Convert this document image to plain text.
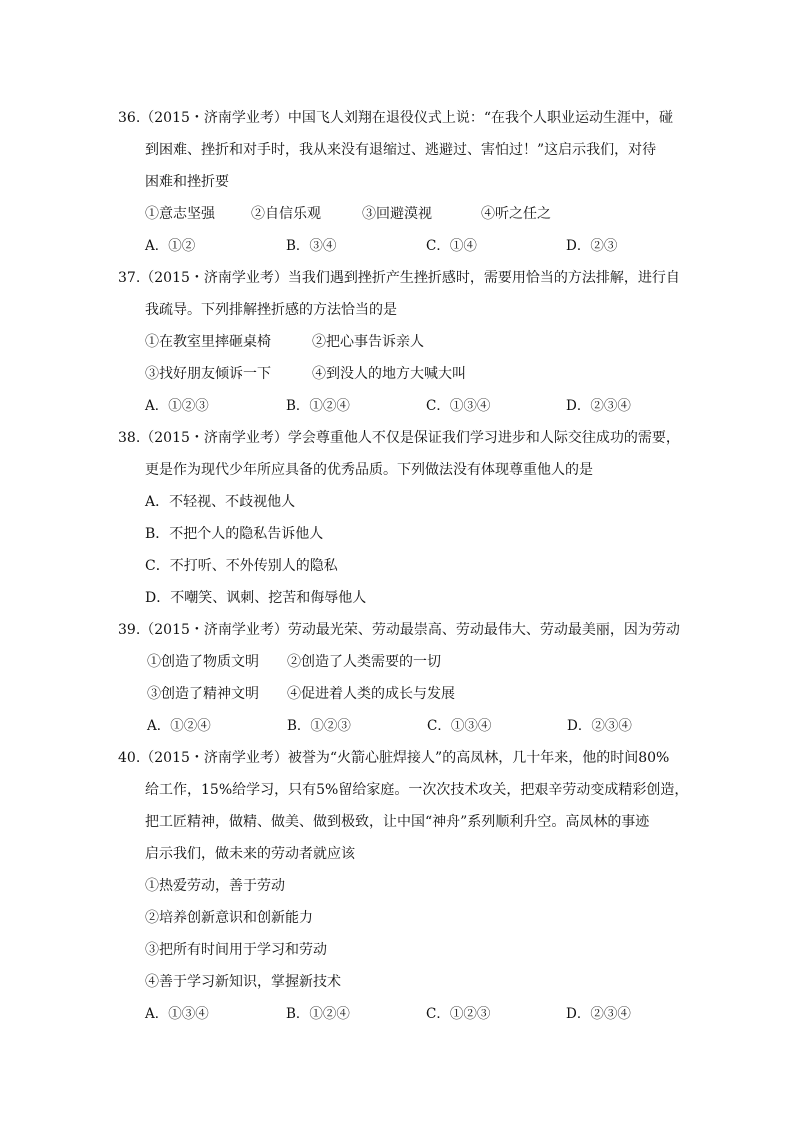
36.（2015・济南学业考）中国飞人刘翔在退役仪式上说：“在我个人职业运动生涯中，碰
到困难、挫折和对手时，我从来没有退缩过、逃避过、害怕过！”这启示我们，对待
困难和挫折要
①意志坚强	②自信乐观	③回避漠视	④听之任之
A．①②	B．③④	C．①④	D．②③
37.（2015・济南学业考）当我们遇到挫折产生挫折感时，需要用恰当的方法排解，进行自
我疏导。下列排解挫折感的方法恰当的是
①在教室里摔砸桌椅	②把心事告诉亲人
③找好朋友倾诉一下	④到没人的地方大喊大叫
A．①②③	B．①②④	C．①③④	D．②③④
38.（2015・济南学业考）学会尊重他人不仅是保证我们学习进步和人际交往成功的需要，
更是作为现代少年所应具备的优秀品质。下列做法没有体现尊重他人的是
A．不轻视、不歧视他人
B．不把个人的隐私告诉他人
C．不打听、不外传别人的隐私
D．不嘲笑、讽刺、挖苦和侮辱他人
39.（2015・济南学业考）劳动最光荣、劳动最崇高、劳动最伟大、劳动最美丽，因为劳动
①创造了物质文明 ②创造了人类需要的一切
③创造了精神文明 ④促进着人类的成长与发展
A．①②④	B．①②③	C．①③④	D．②③④
40.（2015・济南学业考）被誉为“火箭心脏焊接人”的高凤林，几十年来，他的时间80%
给工作，15%给学习，只有5%留给家庭。一次次技术攻关，把艰辛劳动变成精彩创造，
把工匠精神，做精、做美、做到极致，让中国“神舟”系列顺利升空。高凤林的事迹
启示我们，做未来的劳动者就应该
①热爱劳动，善于劳动
②培养创新意识和创新能力
③把所有时间用于学习和劳动
④善于学习新知识，掌握新技术
A．①③④	B．①②④	C．①②③	D．②③④
